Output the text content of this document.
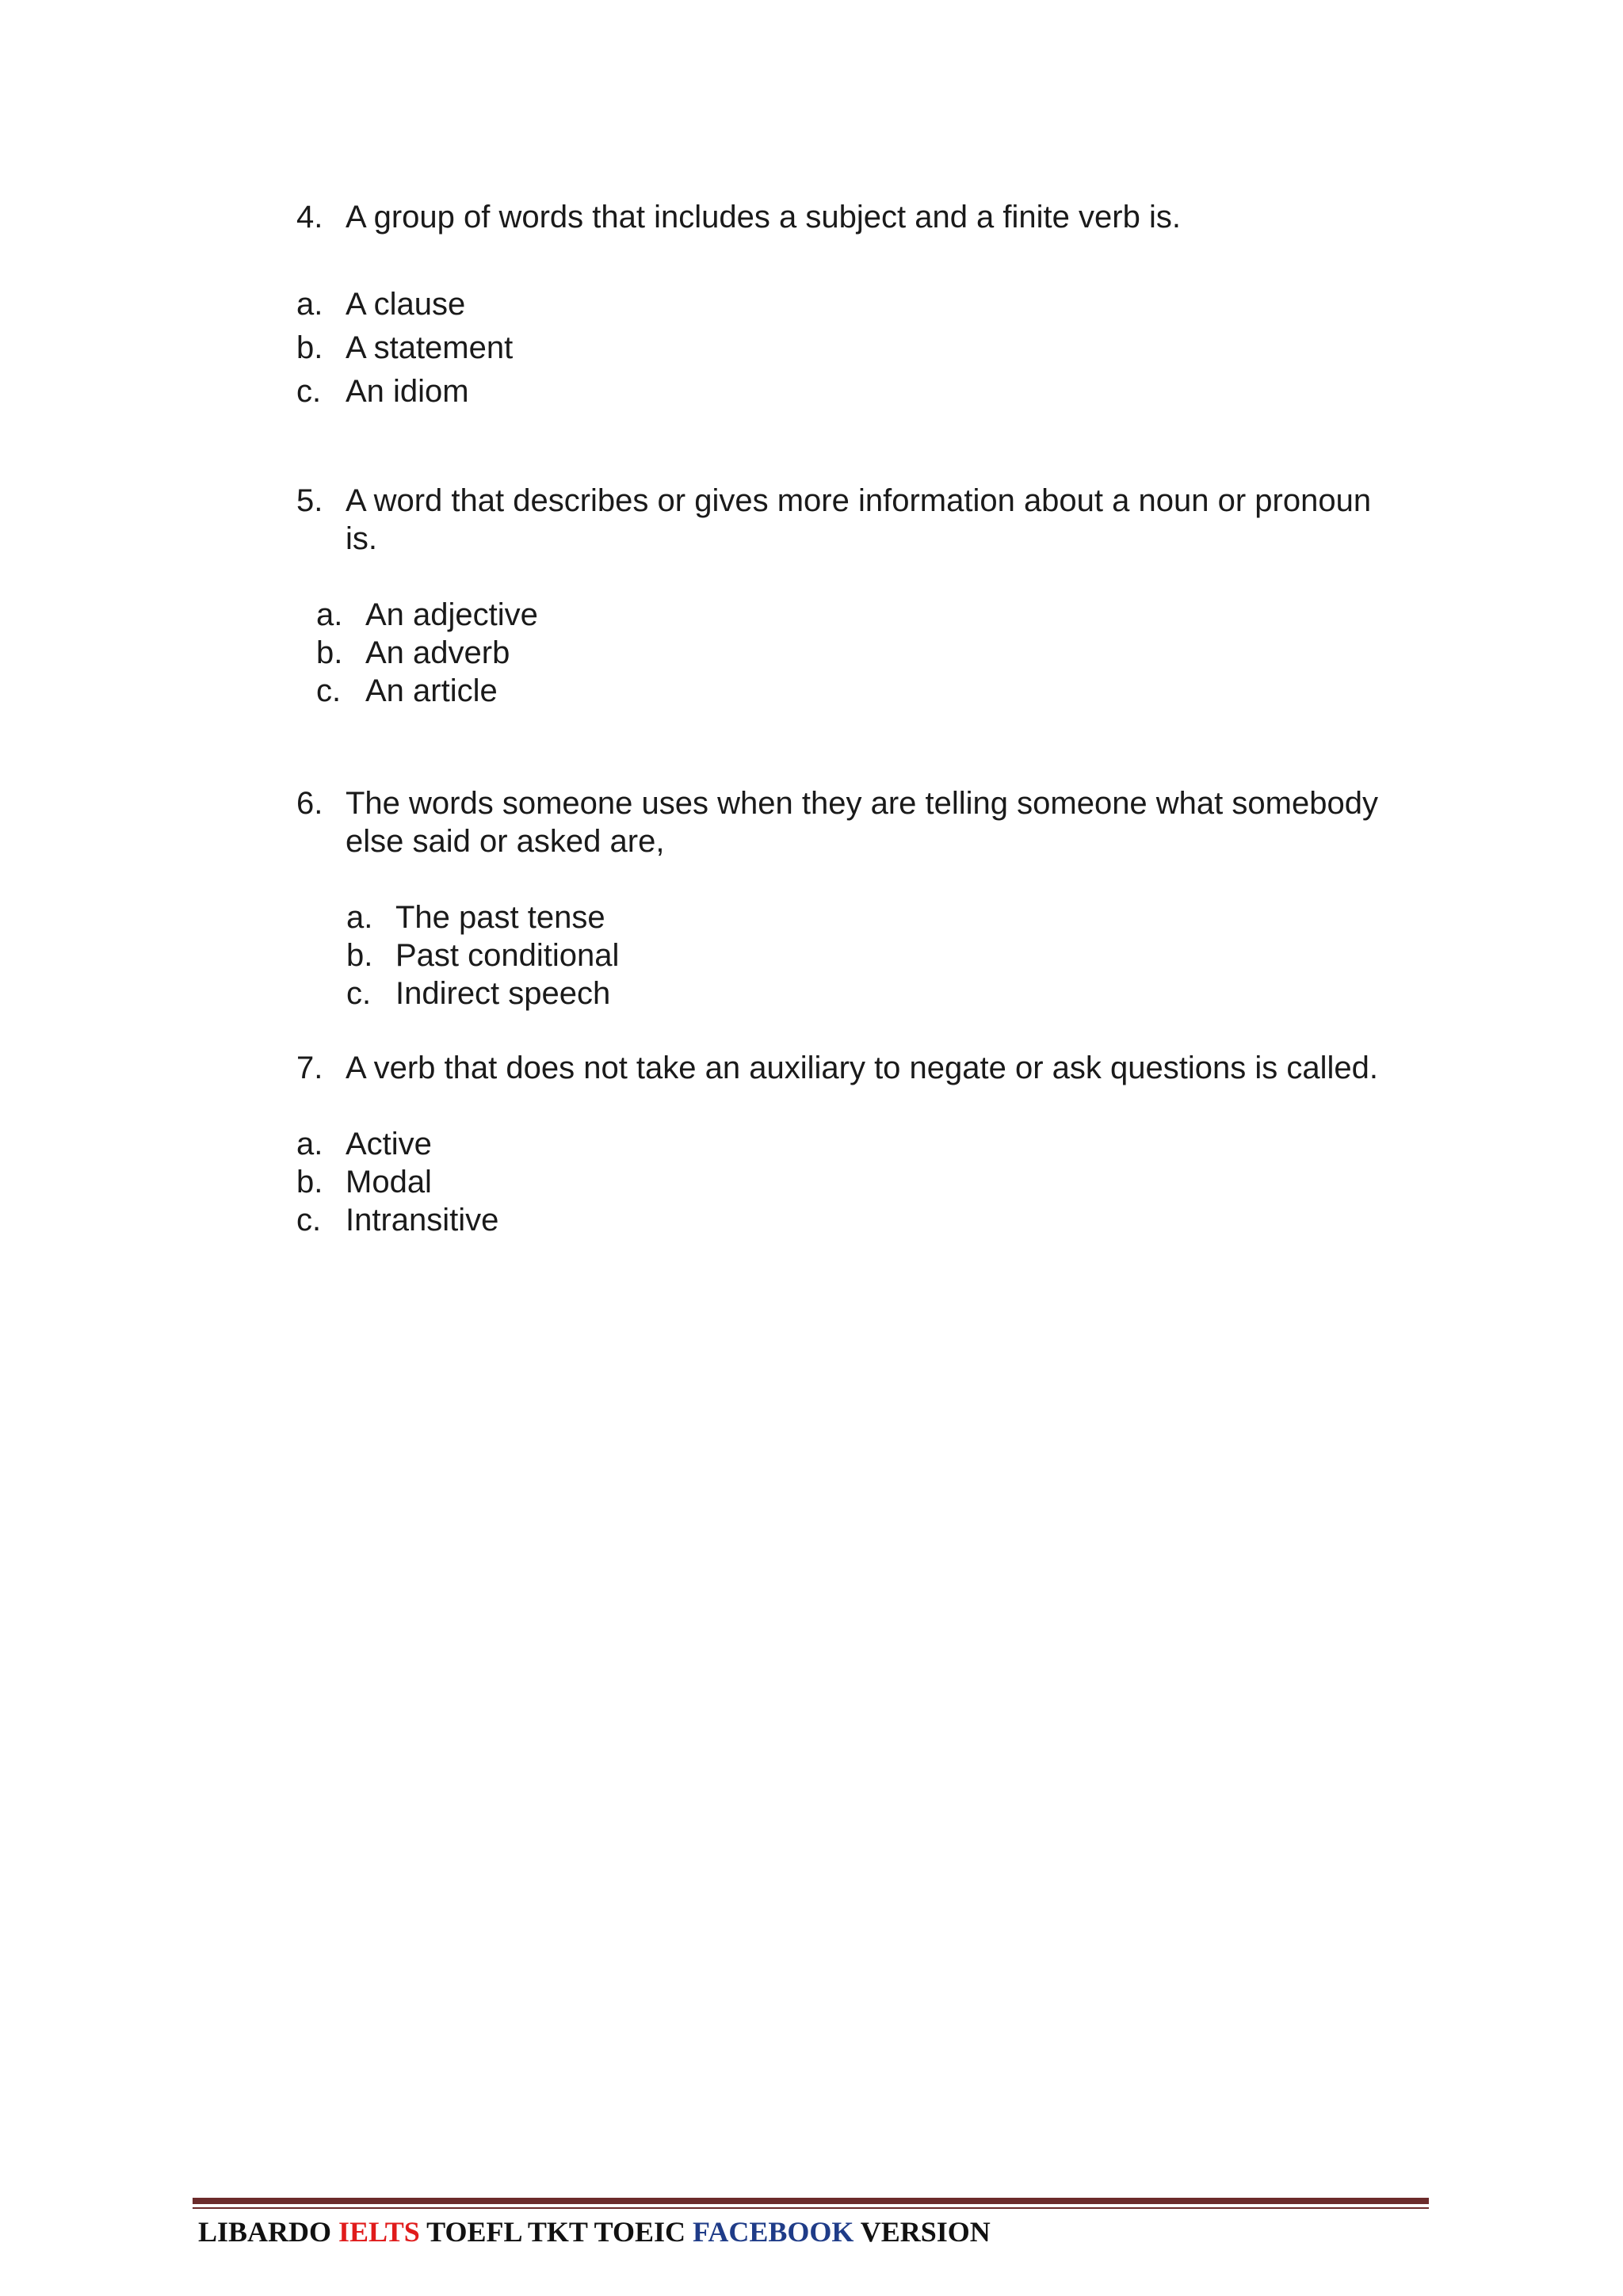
4. A group of words that includes a subject and a finite verb is.
a. A clause
b. A statement
c. An idiom
5. A word that describes or gives more information about a noun or pronoun
is.
a. An adjective
b. An adverb
c. An article
6. The words someone uses when they are telling someone what somebody
else said or asked are,
a. The past tense
b. Past conditional
c. Indirect speech
7. A verb that does not take an auxiliary to negate or ask questions is called.
a. Active
b. Modal
c. Intransitive
LIBARDO IELTS TOEFL TKT TOEIC FACEBOOK VERSION
